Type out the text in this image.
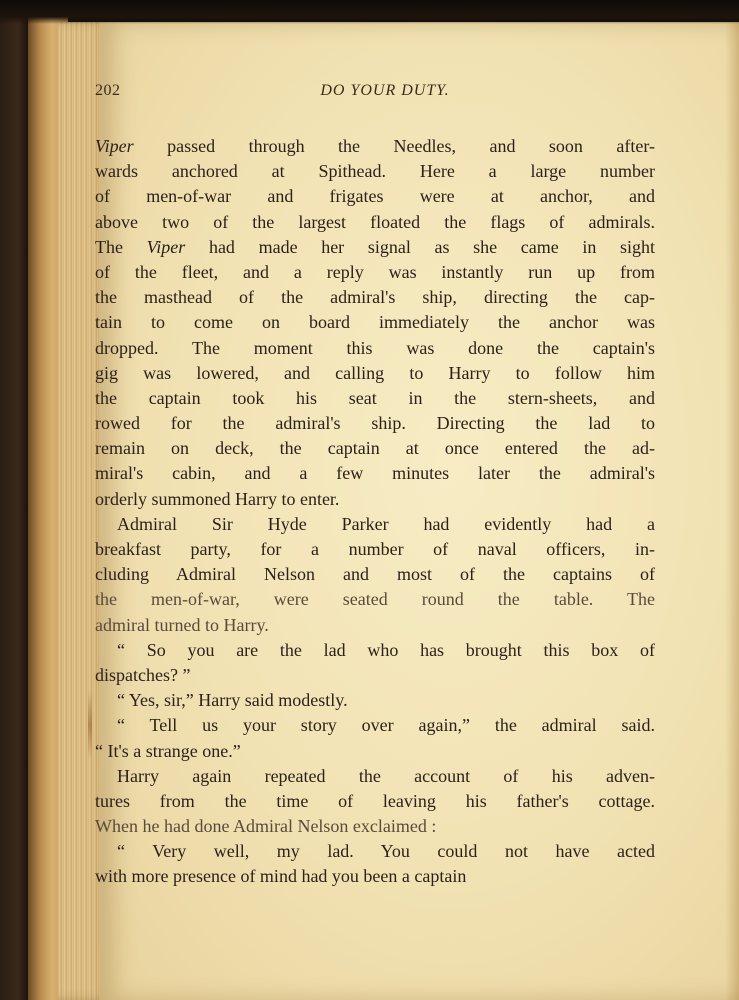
202	DO YOUR DUTY.
Viper passed through the Needles, and soon after-
wards anchored at Spithead. Here a large number
of men-of-war and frigates were at anchor, and
above two of the largest floated the flags of admirals.
The Viper had made her signal as she came in sight
of the fleet, and a reply was instantly run up from
the masthead of the admiral's ship, directing the cap-
tain to come on board immediately the anchor was
dropped. The moment this was done the captain's
gig was lowered, and calling to Harry to follow him
the captain took his seat in the stern-sheets, and
rowed for the admiral's ship. Directing the lad to
remain on deck, the captain at once entered the ad-
miral's cabin, and a few minutes later the admiral's
orderly summoned Harry to enter.
Admiral Sir Hyde Parker had evidently had a
breakfast party, for a number of naval officers, in-
cluding Admiral Nelson and most of the captains of
the men-of-war, were seated round the table. The
admiral turned to Harry.
“ So you are the lad who has brought this box of
dispatches? ”
“ Yes, sir,” Harry said modestly.
“ Tell us your story over again,” the admiral said.
“ It's a strange one.”
Harry again repeated the account of his adven-
tures from the time of leaving his father's cottage.
When he had done Admiral Nelson exclaimed :
“ Very well, my lad. You could not have acted
with more presence of mind had you been a captain
